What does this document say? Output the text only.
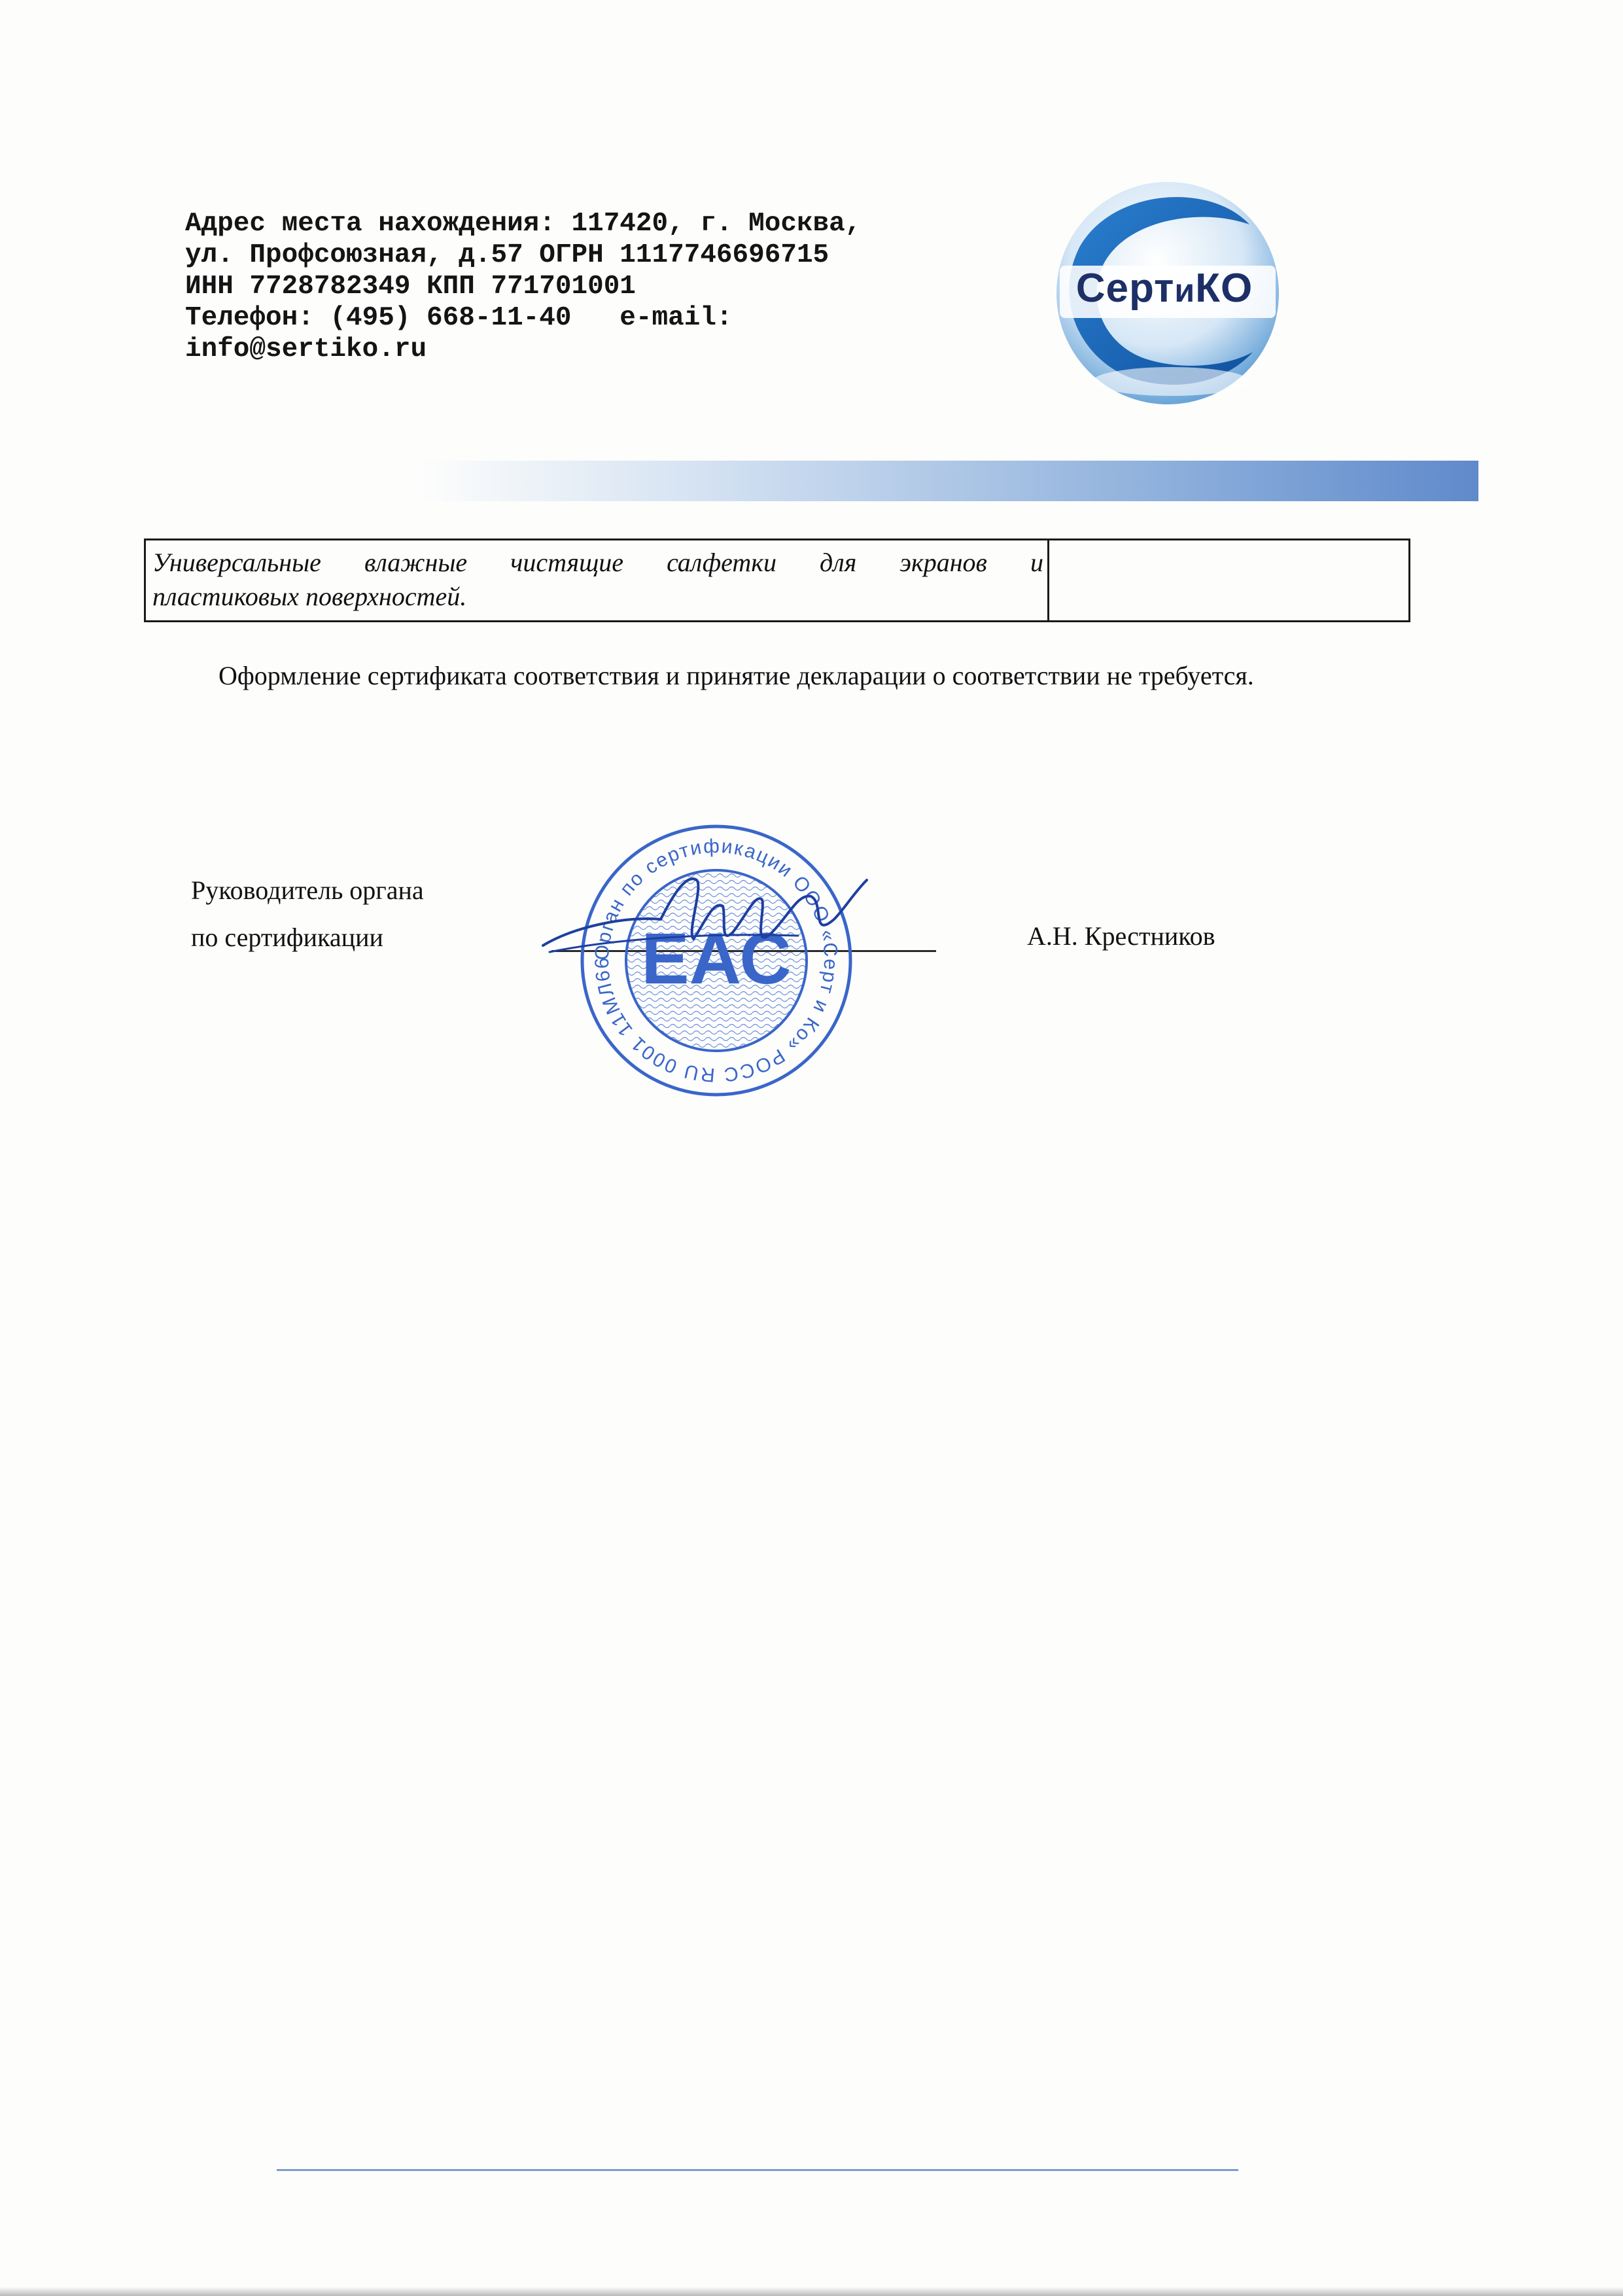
Адрес места нахождения: 117420, г. Москва,
ул. Профсоюзная, д.57 ОГРН 1117746696715
ИНН 7728782349 КПП 771701001
Телефон: (495) 668-11-40   e-mail:
info@sertiko.ru
СертиКО
Универсальные влажные чистящие салфетки для экранов и
пластиковых поверхностей.
Оформление сертификата соответствия и принятие декларации о соответствии не требуется.
Руководитель органа
по сертификации	Орган по сертификации ООО «Серт и Ко» РОСС RU 0001 11МЛ66 ЕАС	А.Н. Крестников
